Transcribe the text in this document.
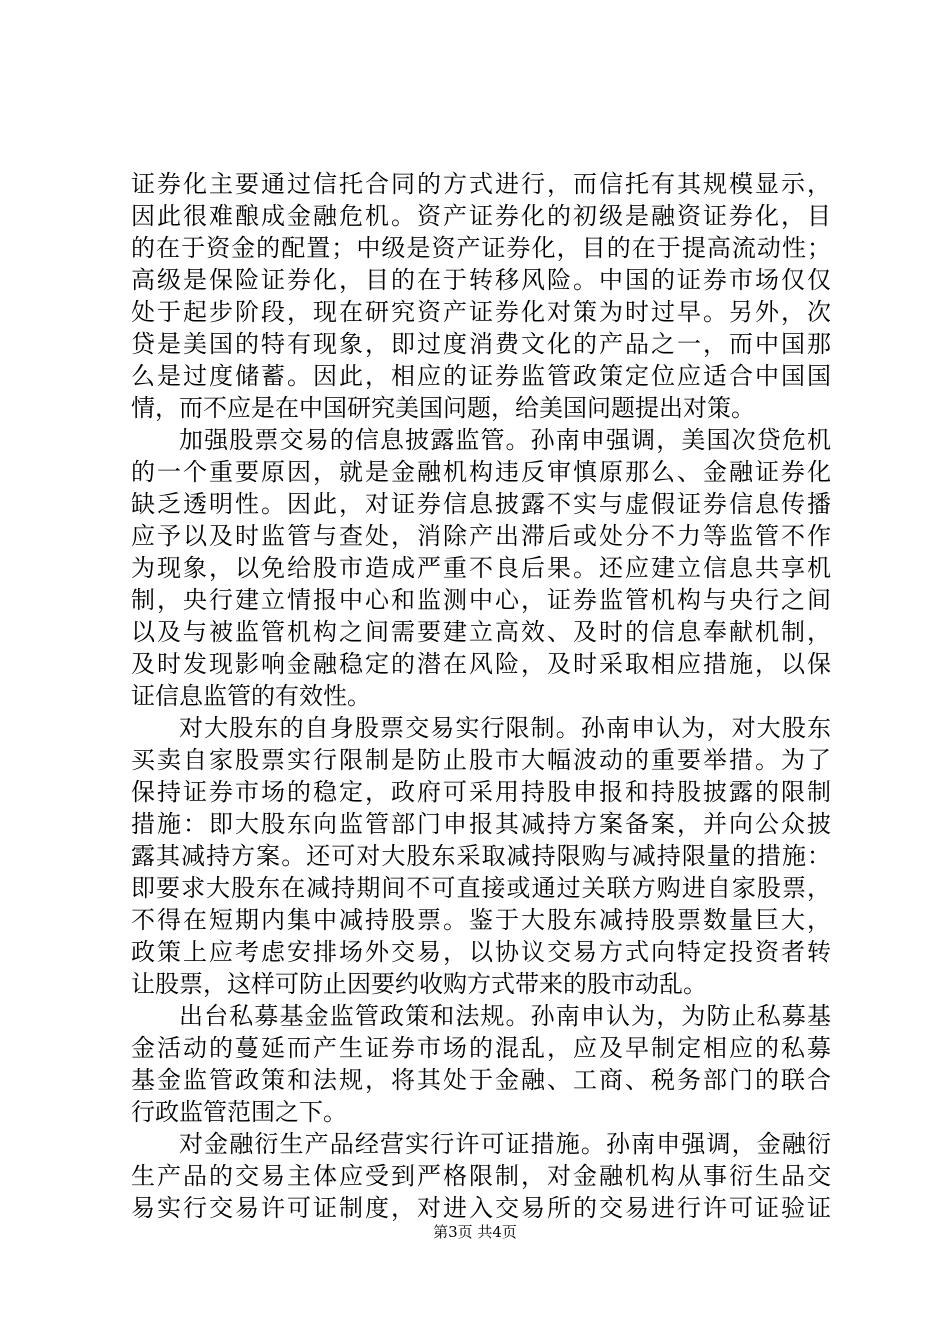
证券化主要通过信托合同的方式进行，而信托有其规模显示，
因此很难酿成金融危机。资产证券化的初级是融资证券化，目
的在于资金的配置；中级是资产证券化，目的在于提高流动性；
高级是保险证券化，目的在于转移风险。中国的证券市场仅仅
处于起步阶段，现在研究资产证券化对策为时过早。另外，次
贷是美国的特有现象，即过度消费文化的产品之一，而中国那
么是过度储蓄。因此，相应的证券监管政策定位应适合中国国
情，而不应是在中国研究美国问题，给美国问题提出对策。
加强股票交易的信息披露监管。孙南申强调，美国次贷危机
的一个重要原因，就是金融机构违反审慎原那么、金融证券化
缺乏透明性。因此，对证券信息披露不实与虚假证券信息传播
应予以及时监管与查处，消除产出滞后或处分不力等监管不作
为现象，以免给股市造成严重不良后果。还应建立信息共享机
制，央行建立情报中心和监测中心，证券监管机构与央行之间
以及与被监管机构之间需要建立高效、及时的信息奉献机制，
及时发现影响金融稳定的潜在风险，及时采取相应措施，以保
证信息监管的有效性。
对大股东的自身股票交易实行限制。孙南申认为，对大股东
买卖自家股票实行限制是防止股市大幅波动的重要举措。为了
保持证券市场的稳定，政府可采用持股申报和持股披露的限制
措施：即大股东向监管部门申报其减持方案备案，并向公众披
露其减持方案。还可对大股东采取减持限购与减持限量的措施：
即要求大股东在减持期间不可直接或通过关联方购进自家股票，
不得在短期内集中减持股票。鉴于大股东减持股票数量巨大，
政策上应考虑安排场外交易，以协议交易方式向特定投资者转
让股票，这样可防止因要约收购方式带来的股市动乱。
出台私募基金监管政策和法规。孙南申认为，为防止私募基
金活动的蔓延而产生证券市场的混乱，应及早制定相应的私募
基金监管政策和法规，将其处于金融、工商、税务部门的联合
行政监管范围之下。
对金融衍生产品经营实行许可证措施。孙南申强调，金融衍
生产品的交易主体应受到严格限制，对金融机构从事衍生品交
易实行交易许可证制度，对进入交易所的交易进行许可证验证
第3页 共4页
